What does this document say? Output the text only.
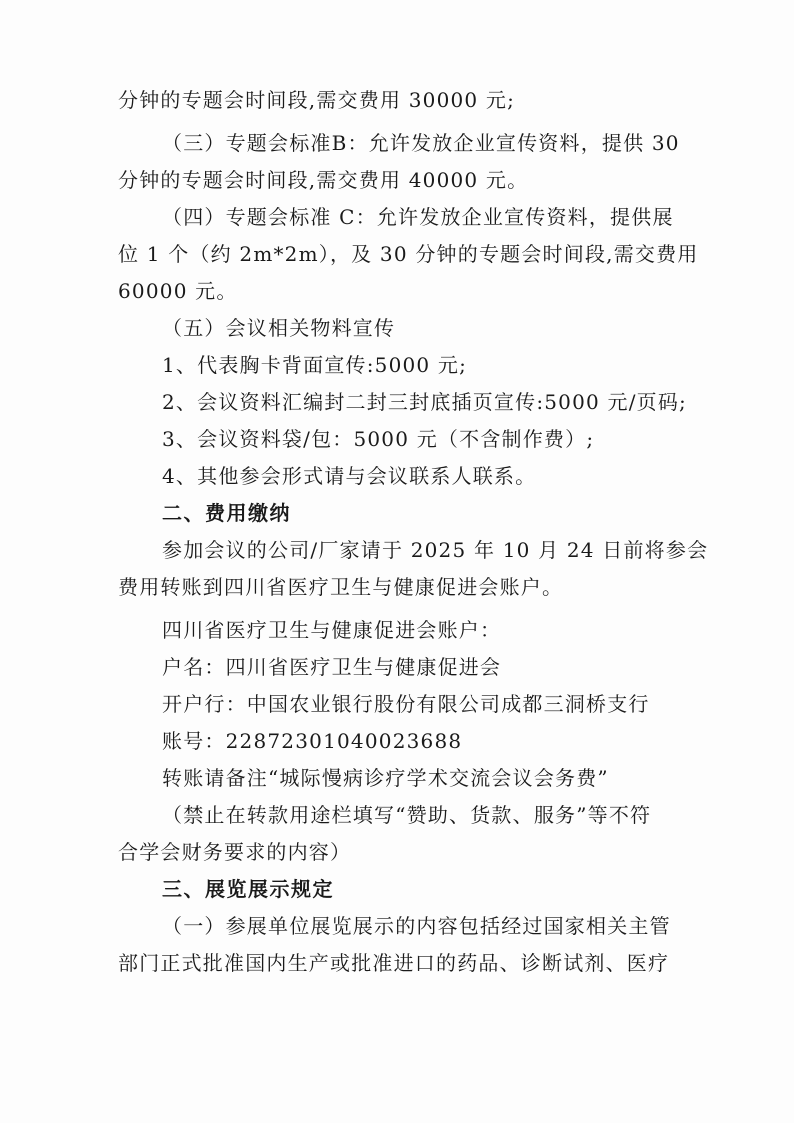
分钟的专题会时间段,需交费用 30000 元;
（三）专题会标准B：允许发放企业宣传资料，提供 30
分钟的专题会时间段,需交费用 40000 元。
（四）专题会标准 C：允许发放企业宣传资料，提供展
位 1 个（约 2m*2m），及 30 分钟的专题会时间段,需交费用
60000 元。
（五）会议相关物料宣传
1、代表胸卡背面宣传:5000 元;
2、会议资料汇编封二封三封底插页宣传:5000 元/页码;
3、会议资料袋/包：5000 元（不含制作费）;
4、其他参会形式请与会议联系人联系。
二、费用缴纳
参加会议的公司/厂家请于 2025 年 10 月 24 日前将参会
费用转账到四川省医疗卫生与健康促进会账户。
四川省医疗卫生与健康促进会账户：
户名：四川省医疗卫生与健康促进会
开户行：中国农业银行股份有限公司成都三洞桥支行
账号：22872301040023688
转账请备注“城际慢病诊疗学术交流会议会务费”
（禁止在转款用途栏填写“赞助、货款、服务”等不符
合学会财务要求的内容）
三、展览展示规定
（一）参展单位展览展示的内容包括经过国家相关主管
部门正式批准国内生产或批准进口的药品、诊断试剂、医疗
